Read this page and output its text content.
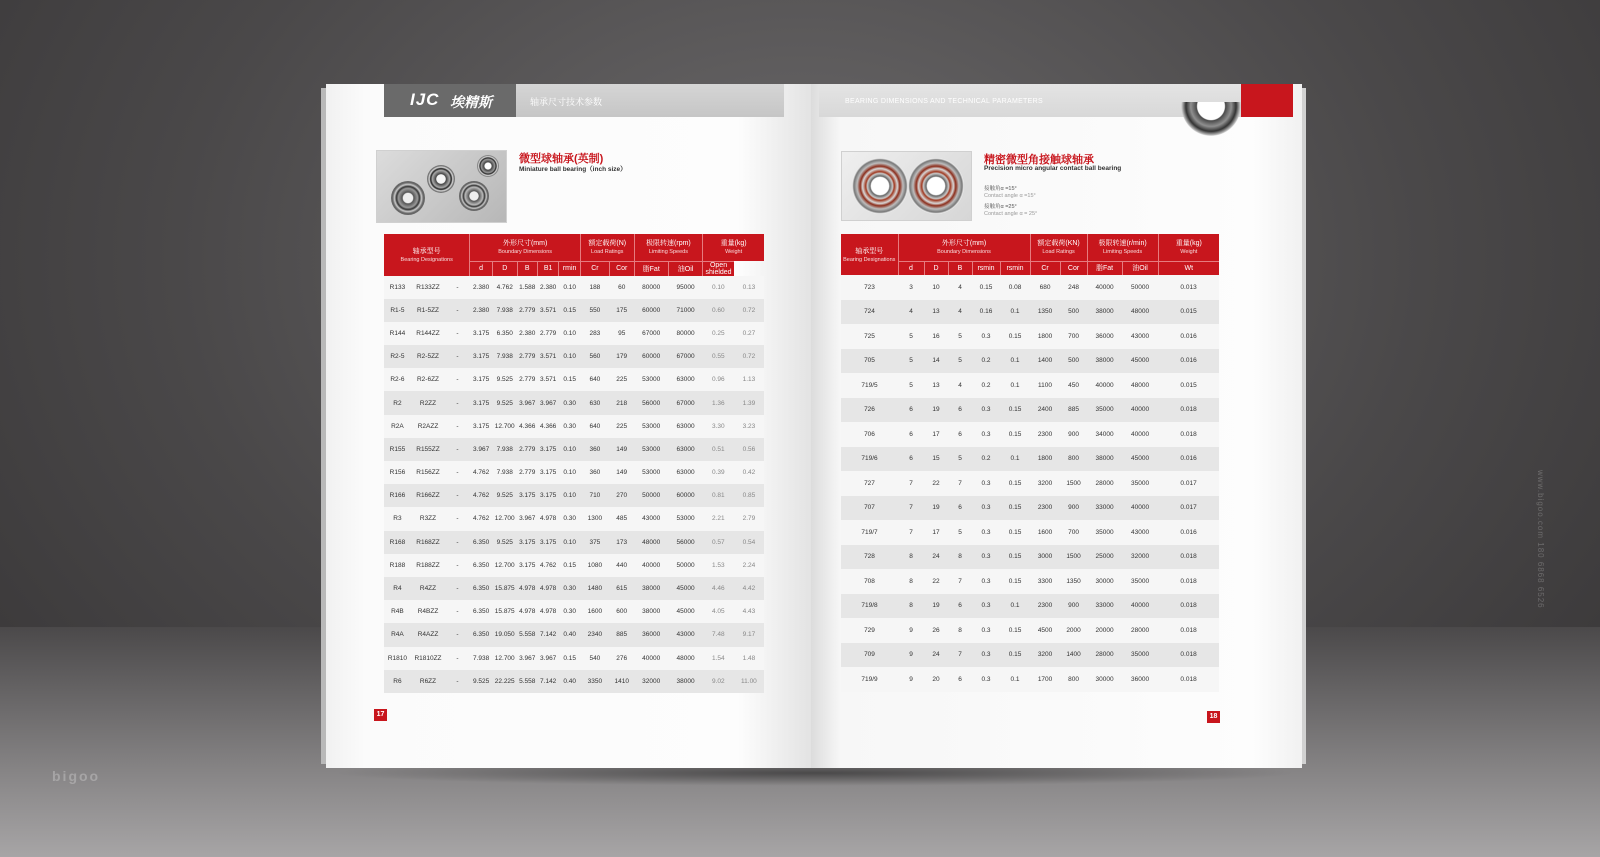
IJC 埃精斯	轴承尺寸技术参数
微型球轴承(英制)
Miniature ball bearing（inch size）
轴承型号
Bearing Designations			外形尺寸(mm)
Boundary Dimensions					额定载荷(N)
Load Ratings		极限转速(rpm)
Limiting Speeds		重量(kg)
Weight	

			d	D	B	B1	rmin	Cr	Cor	脂Fat	油Oil	Open shielded	
R133	R133ZZ	-	2.380	4.762	1.588	2.380	0.10	188	60	80000	95000	0.10	0.13
R1-5	R1-5ZZ	-	2.380	7.938	2.779	3.571	0.15	550	175	60000	71000	0.60	0.72
R144	R144ZZ	-	3.175	6.350	2.380	2.779	0.10	283	95	67000	80000	0.25	0.27
R2-5	R2-5ZZ	-	3.175	7.938	2.779	3.571	0.10	560	179	60000	67000	0.55	0.72
R2-6	R2-6ZZ	-	3.175	9.525	2.779	3.571	0.15	640	225	53000	63000	0.96	1.13
R2	R2ZZ	-	3.175	9.525	3.967	3.967	0.30	630	218	56000	67000	1.36	1.39
R2A	R2AZZ	-	3.175	12.700	4.366	4.366	0.30	640	225	53000	63000	3.30	3.23
R155	R155ZZ	-	3.967	7.938	2.779	3.175	0.10	360	149	53000	63000	0.51	0.56
R156	R156ZZ	-	4.762	7.938	2.779	3.175	0.10	360	149	53000	63000	0.39	0.42
R166	R166ZZ	-	4.762	9.525	3.175	3.175	0.10	710	270	50000	60000	0.81	0.85
R3	R3ZZ	-	4.762	12.700	3.967	4.978	0.30	1300	485	43000	53000	2.21	2.79
R168	R168ZZ	-	6.350	9.525	3.175	3.175	0.10	375	173	48000	56000	0.57	0.54
R188	R188ZZ	-	6.350	12.700	3.175	4.762	0.15	1080	440	40000	50000	1.53	2.24
R4	R4ZZ	-	6.350	15.875	4.978	4.978	0.30	1480	615	38000	45000	4.46	4.42
R4B	R4BZZ	-	6.350	15.875	4.978	4.978	0.30	1600	600	38000	45000	4.05	4.43
R4A	R4AZZ	-	6.350	19.050	5.558	7.142	0.40	2340	885	36000	43000	7.48	9.17
R1810	R1810ZZ	-	7.938	12.700	3.967	3.967	0.15	540	276	40000	48000	1.54	1.48
R6	R6ZZ	-	9.525	22.225	5.558	7.142	0.40	3350	1410	32000	38000	9.02	11.00
17
BEARING DIMENSIONS AND TECHNICAL PARAMETERS
精密微型角接触球轴承
Precision micro angular contact ball bearing
接触角α =15°
Contact angle α =15°
接触角α =25°
Contact angle α = 25°
轴承型号
Bearing Designations	外形尺寸(mm)
Boundary Dimensions					额定载荷(KN)
Load Ratings		极限转速(r/min)
Limiting Speeds		重量(kg)
Weight

	d	D	B	rsmin	rsmin	Cr	Cor	脂Fat	油Oil	Wt
723	3	10	4	0.15	0.08	680	248	40000	50000	0.013
724	4	13	4	0.16	0.1	1350	500	38000	48000	0.015
725	5	16	5	0.3	0.15	1800	700	36000	43000	0.016
705	5	14	5	0.2	0.1	1400	500	38000	45000	0.016
719/5	5	13	4	0.2	0.1	1100	450	40000	48000	0.015
726	6	19	6	0.3	0.15	2400	885	35000	40000	0.018
706	6	17	6	0.3	0.15	2300	900	34000	40000	0.018
719/6	6	15	5	0.2	0.1	1800	800	38000	45000	0.016
727	7	22	7	0.3	0.15	3200	1500	28000	35000	0.017
707	7	19	6	0.3	0.15	2300	900	33000	40000	0.017
719/7	7	17	5	0.3	0.15	1600	700	35000	43000	0.016
728	8	24	8	0.3	0.15	3000	1500	25000	32000	0.018
708	8	22	7	0.3	0.15	3300	1350	30000	35000	0.018
719/8	8	19	6	0.3	0.1	2300	900	33000	40000	0.018
729	9	26	8	0.3	0.15	4500	2000	20000	28000	0.018
709	9	24	7	0.3	0.15	3200	1400	28000	35000	0.018
719/9	9	20	6	0.3	0.1	1700	800	30000	36000	0.018
18
bigoo
www.bigoo.com 180 6868 6526
